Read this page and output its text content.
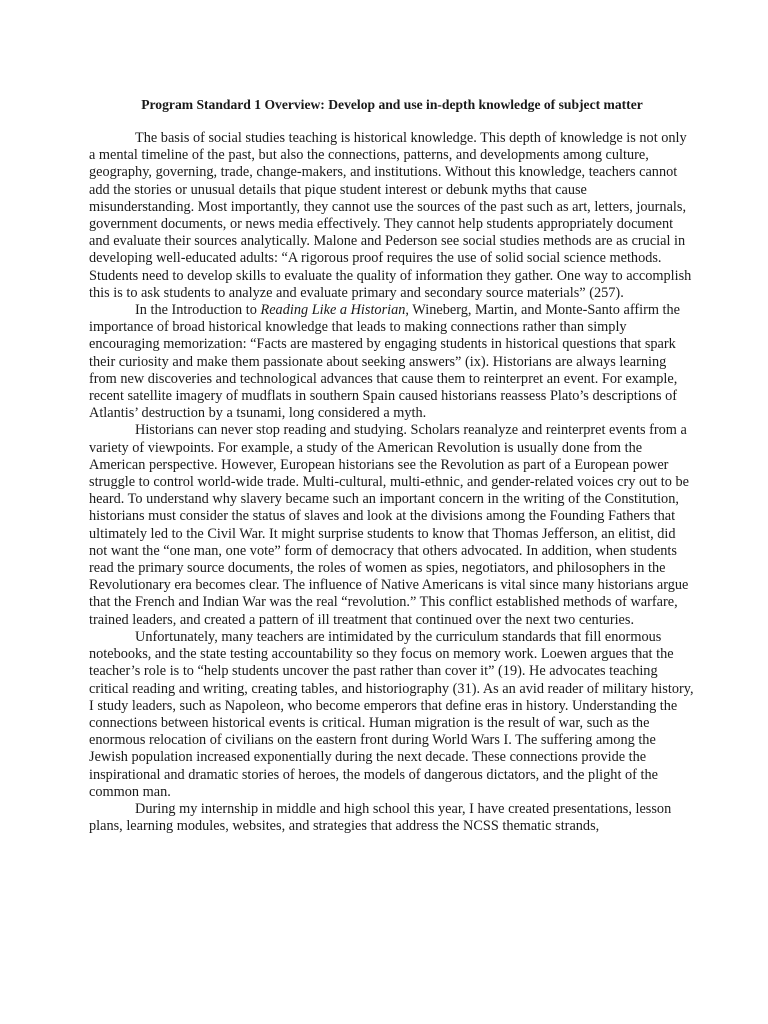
Program Standard 1 Overview: Develop and use in-depth knowledge of subject matter

The basis of social studies teaching is historical knowledge. This depth of knowledge is not only a mental timeline of the past, but also the connections, patterns, and developments among culture, geography, governing, trade, change-makers, and institutions. Without this knowledge, teachers cannot add the stories or unusual details that pique student interest or debunk myths that cause misunderstanding. Most importantly, they cannot use the sources of the past such as art, letters, journals, government documents, or news media effectively. They cannot help students appropriately document and evaluate their sources analytically. Malone and Pederson see social studies methods are as crucial in developing well-educated adults: “A rigorous proof requires the use of solid social science methods. Students need to develop skills to evaluate the quality of information they gather. One way to accomplish this is to ask students to analyze and evaluate primary and secondary source materials” (257).

In the Introduction to Reading Like a Historian, Wineberg, Martin, and Monte-Santo affirm the importance of broad historical knowledge that leads to making connections rather than simply encouraging memorization: “Facts are mastered by engaging students in historical questions that spark their curiosity and make them passionate about seeking answers” (ix). Historians are always learning from new discoveries and technological advances that cause them to reinterpret an event. For example, recent satellite imagery of mudflats in southern Spain caused historians reassess Plato’s descriptions of Atlantis’ destruction by a tsunami, long considered a myth.

Historians can never stop reading and studying. Scholars reanalyze and reinterpret events from a variety of viewpoints. For example, a study of the American Revolution is usually done from the American perspective. However, European historians see the Revolution as part of a European power struggle to control world-wide trade. Multi-cultural, multi-ethnic, and gender-related voices cry out to be heard. To understand why slavery became such an important concern in the writing of the Constitution, historians must consider the status of slaves and look at the divisions among the Founding Fathers that ultimately led to the Civil War. It might surprise students to know that Thomas Jefferson, an elitist, did not want the “one man, one vote” form of democracy that others advocated. In addition, when students read the primary source documents, the roles of women as spies, negotiators, and philosophers in the Revolutionary era becomes clear. The influence of Native Americans is vital since many historians argue that the French and Indian War was the real “revolution.” This conflict established methods of warfare, trained leaders, and created a pattern of ill treatment that continued over the next two centuries.

Unfortunately, many teachers are intimidated by the curriculum standards that fill enormous notebooks, and the state testing accountability so they focus on memory work. Loewen argues that the teacher’s role is to “help students uncover the past rather than cover it” (19). He advocates teaching critical reading and writing, creating tables, and historiography (31). As an avid reader of military history, I study leaders, such as Napoleon, who become emperors that define eras in history. Understanding the connections between historical events is critical. Human migration is the result of war, such as the enormous relocation of civilians on the eastern front during World Wars I. The suffering among the Jewish population increased exponentially during the next decade. These connections provide the inspirational and dramatic stories of heroes, the models of dangerous dictators, and the plight of the common man.

During my internship in middle and high school this year, I have created presentations, lesson plans, learning modules, websites, and strategies that address the NCSS thematic strands,
